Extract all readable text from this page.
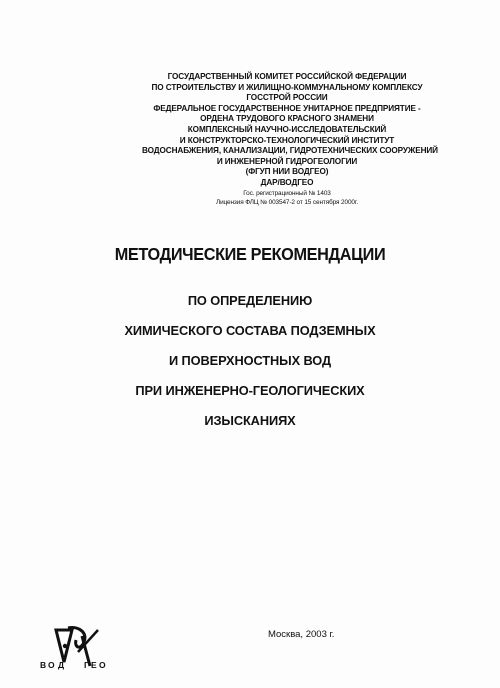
ГОСУДАРСТВЕННЫЙ КОМИТЕТ РОССИЙСКОЙ ФЕДЕРАЦИИ
ПО СТРОИТЕЛЬСТВУ И ЖИЛИЩНО-КОММУНАЛЬНОМУ КОМПЛЕКСУ
ГОССТРОЙ РОССИИ
ФЕДЕРАЛЬНОЕ ГОСУДАРСТВЕННОЕ УНИТАРНОЕ ПРЕДПРИЯТИЕ -
ОРДЕНА ТРУДОВОГО КРАСНОГО ЗНАМЕНИ
КОМПЛЕКСНЫЙ НАУЧНО-ИССЛЕДОВАТЕЛЬСКИЙ
И КОНСТРУКТОРСКО-ТЕХНОЛОГИЧЕСКИЙ ИНСТИТУТ
ВОДОСНАБЖЕНИЯ, КАНАЛИЗАЦИИ, ГИДРОТЕХНИЧЕСКИХ СООРУЖЕНИЙ
И ИНЖЕНЕРНОЙ ГИДРОГЕОЛОГИИ
(ФГУП НИИ ВОДГЕО)
ДАР/ВОДГЕО
Гос. регистрационный № 1403
Лицензия ФЛЦ № 003547-2 от 15 сентября 2000г.
МЕТОДИЧЕСКИЕ РЕКОМЕНДАЦИИ
ПО ОПРЕДЕЛЕНИЮ
ХИМИЧЕСКОГО СОСТАВА ПОДЗЕМНЫХ
И ПОВЕРХНОСТНЫХ ВОД
ПРИ ИНЖЕНЕРНО-ГЕОЛОГИЧЕСКИХ
ИЗЫСКАНИЯХ
В О Д Г Е О
Москва, 2003 г.
